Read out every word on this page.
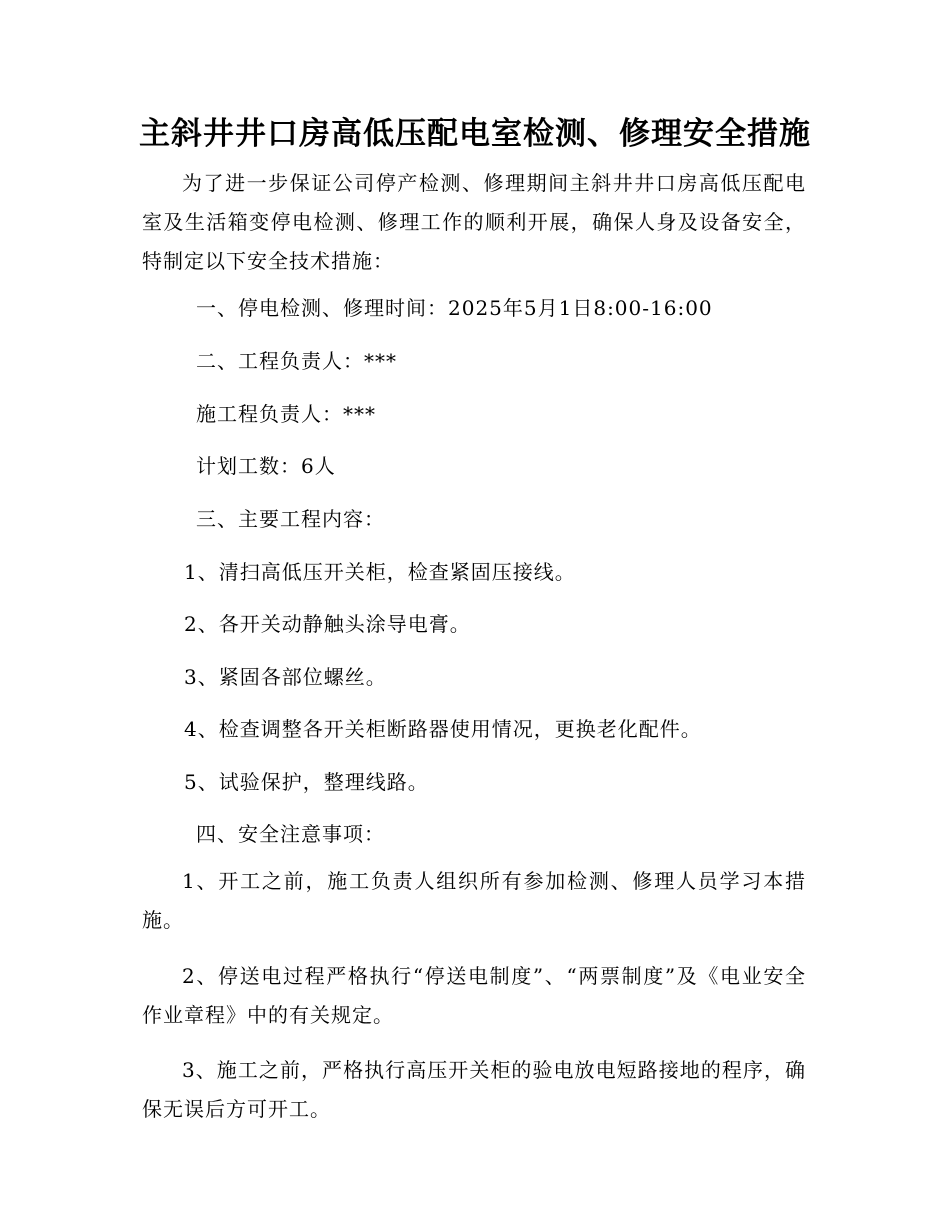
主斜井井口房高低压配电室检测、修理安全措施

为了进一步保证公司停产检测、修理期间主斜井井口房高低压配电室及生活箱变停电检测、修理工作的顺利开展，确保人身及设备安全，特制定以下安全技术措施：

一、停电检测、修理时间：2025年5月1日8:00-16:00

二、工程负责人：***

施工程负责人：***

计划工数：6人

三、主要工程内容：

1、清扫高低压开关柜，检查紧固压接线。

2、各开关动静触头涂导电膏。

3、紧固各部位螺丝。

4、检查调整各开关柜断路器使用情况，更换老化配件。

5、试验保护，整理线路。

四、安全注意事项：

1、开工之前，施工负责人组织所有参加检测、修理人员学习本措施。

2、停送电过程严格执行“停送电制度”、“两票制度”及《电业安全作业章程》中的有关规定。

3、施工之前，严格执行高压开关柜的验电放电短路接地的程序，确保无误后方可开工。
